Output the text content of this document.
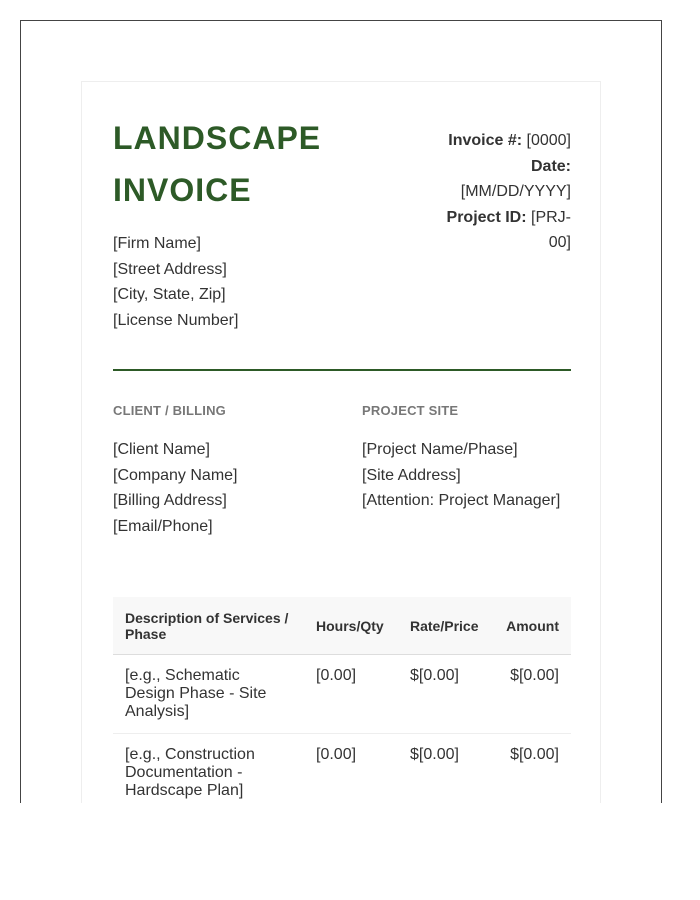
LANDSCAPE INVOICE
[Firm Name]
[Street Address]
[City, State, Zip]
[License Number]
Invoice #: [0000]
Date: [MM/DD/YYYY]
Project ID: [PRJ-00]
CLIENT / BILLING
[Client Name]
[Company Name]
[Billing Address]
[Email/Phone]
PROJECT SITE
[Project Name/Phase]
[Site Address]
[Attention: Project Manager]
Description of Services / Phase	Hours/Qty	Rate/Price	Amount
[e.g., Schematic Design Phase - Site Analysis]	[0.00]	$[0.00]	$[0.00]
[e.g., Construction Documentation - Hardscape Plan]	[0.00]	$[0.00]	$[0.00]
